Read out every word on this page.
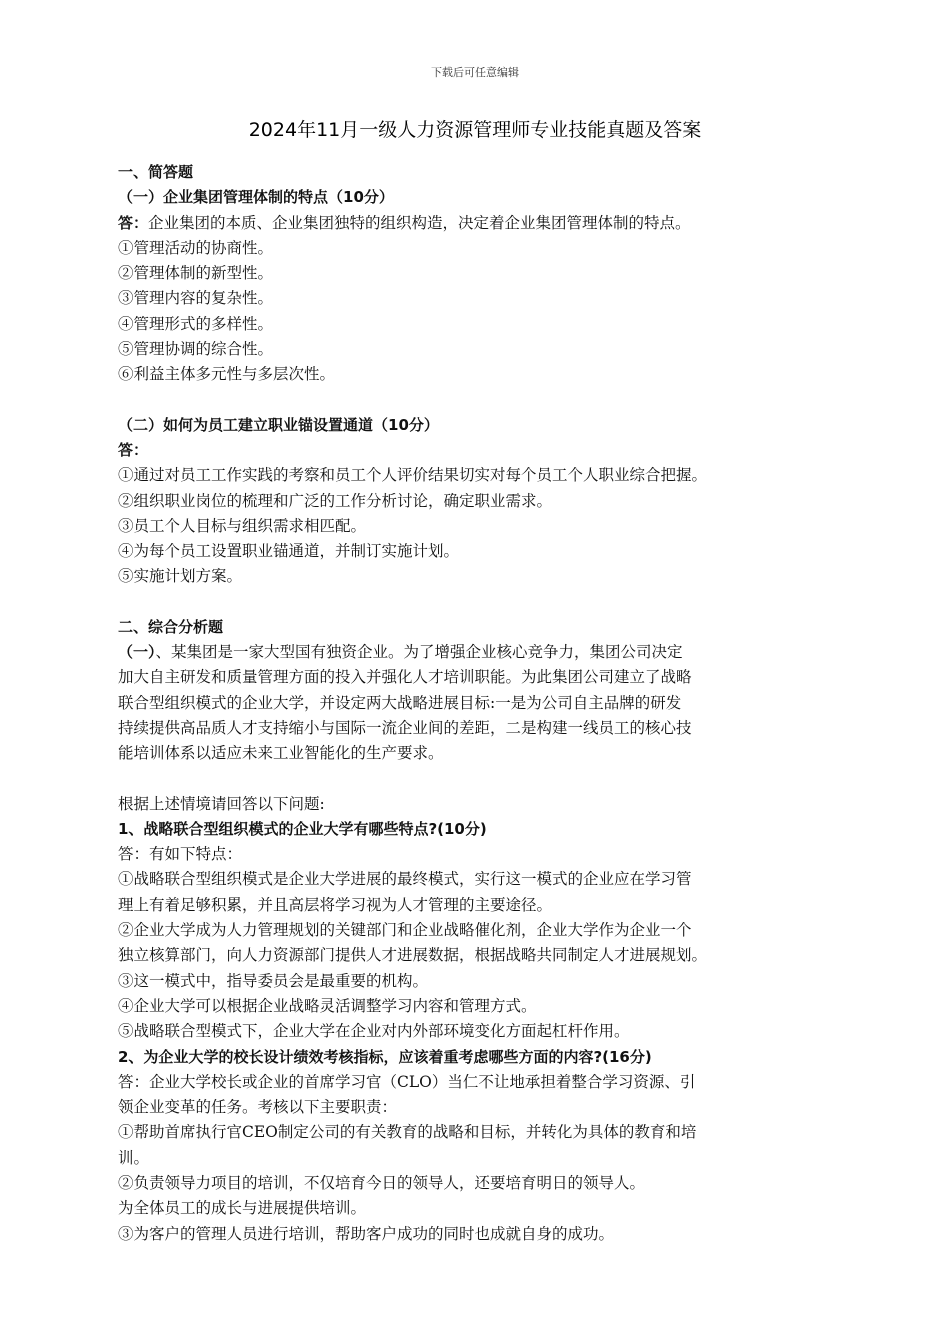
下载后可任意编辑
2024年11月一级人力资源管理师专业技能真题及答案
一、简答题
（一）企业集团管理体制的特点（10分）
答：企业集团的本质、企业集团独特的组织构造，决定着企业集团管理体制的特点。
①管理活动的协商性。
②管理体制的新型性。
③管理内容的复杂性。
④管理形式的多样性。
⑤管理协调的综合性。
⑥利益主体多元性与多层次性。
（二）如何为员工建立职业锚设置通道（10分）
答：
①通过对员工工作实践的考察和员工个人评价结果切实对每个员工个人职业综合把握。
②组织职业岗位的梳理和广泛的工作分析讨论，确定职业需求。
③员工个人目标与组织需求相匹配。
④为每个员工设置职业锚通道，并制订实施计划。
⑤实施计划方案。
二、综合分析题
（一）、某集团是一家大型国有独资企业。为了增强企业核心竞争力，集团公司决定
加大自主研发和质量管理方面的投入并强化人才培训职能。为此集团公司建立了战略
联合型组织模式的企业大学，并设定两大战略进展目标:一是为公司自主品牌的研发
持续提供高品质人才支持缩小与国际一流企业间的差距，二是构建一线员工的核心技
能培训体系以适应未来工业智能化的生产要求。
根据上述情境请回答以下问题:
1、战略联合型组织模式的企业大学有哪些特点?(10分)
答：有如下特点：
①战略联合型组织模式是企业大学进展的最终模式，实行这一模式的企业应在学习管
理上有着足够积累，并且高层将学习视为人才管理的主要途径。
②企业大学成为人力管理规划的关键部门和企业战略催化剂，企业大学作为企业一个
独立核算部门，向人力资源部门提供人才进展数据，根据战略共同制定人才进展规划。
③这一模式中，指导委员会是最重要的机构。
④企业大学可以根据企业战略灵活调整学习内容和管理方式。
⑤战略联合型模式下，企业大学在企业对内外部环境变化方面起杠杆作用。
2、为企业大学的校长设计绩效考核指标，应该着重考虑哪些方面的内容?(16分)
答：企业大学校长或企业的首席学习官（CLO）当仁不让地承担着整合学习资源、引
领企业变革的任务。考核以下主要职责：
①帮助首席执行官CEO制定公司的有关教育的战略和目标，并转化为具体的教育和培
训。
②负责领导力项目的培训，不仅培育今日的领导人，还要培育明日的领导人。
为全体员工的成长与进展提供培训。
③为客户的管理人员进行培训，帮助客户成功的同时也成就自身的成功。
